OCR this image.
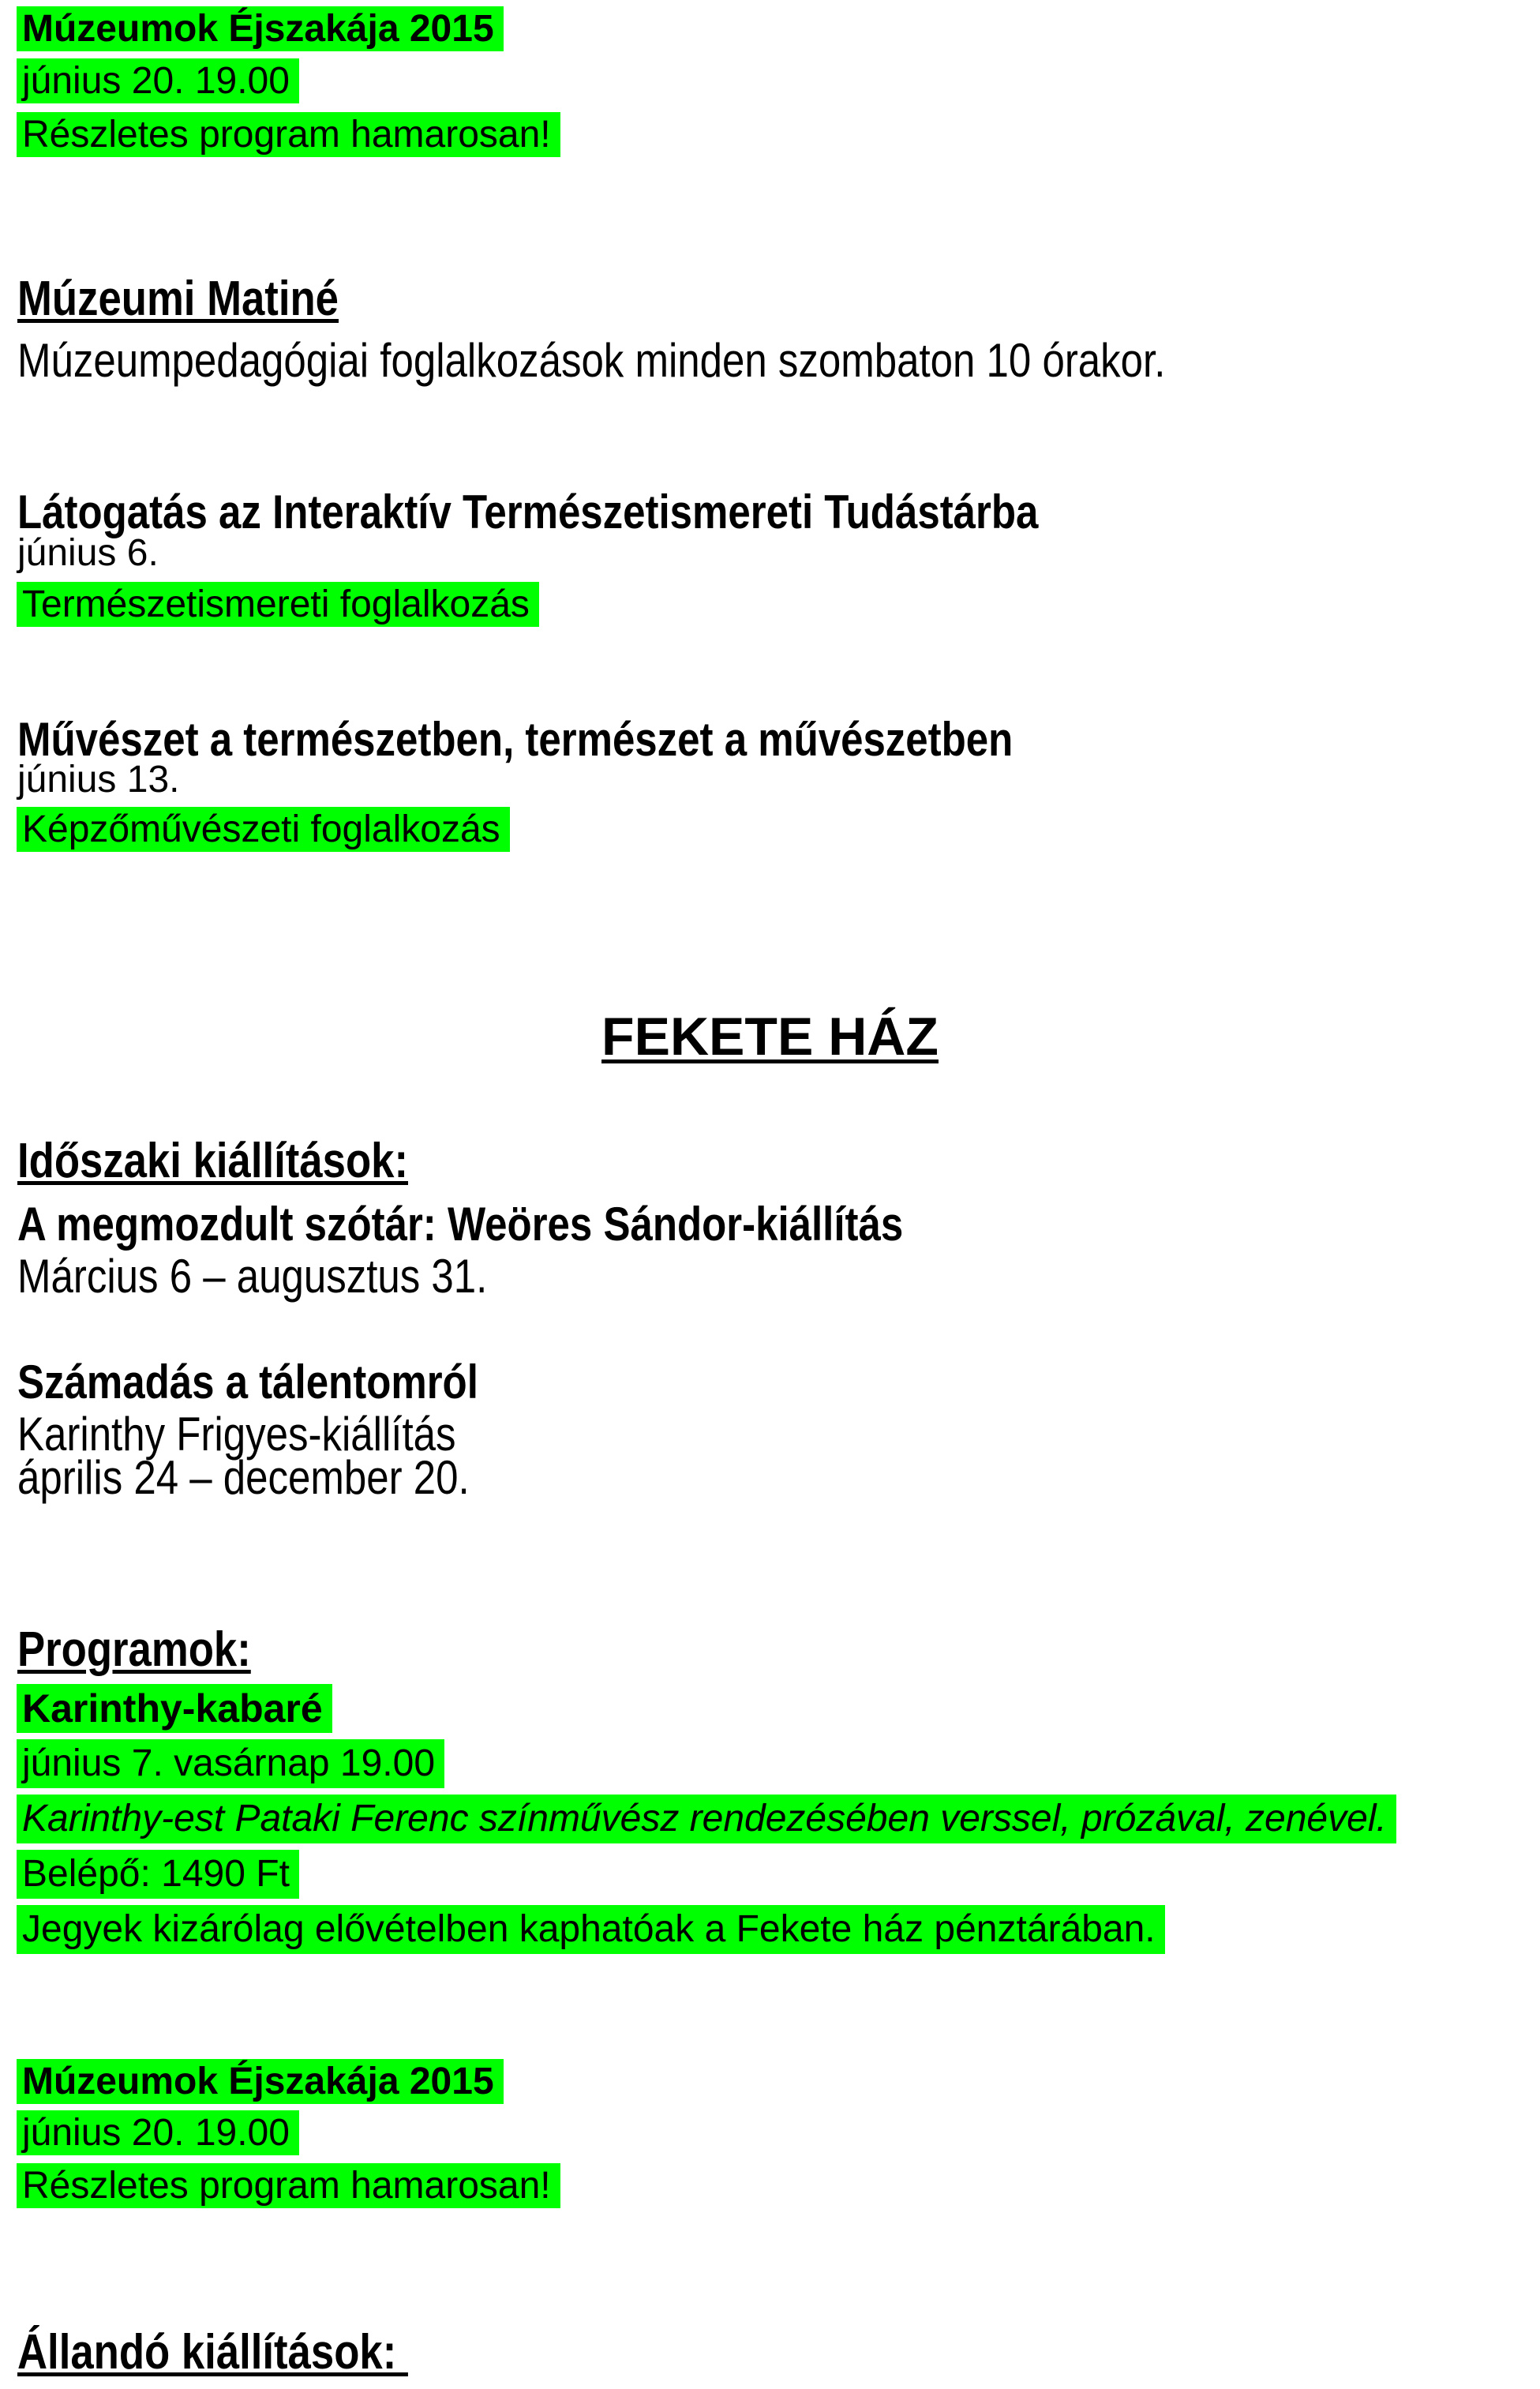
Múzeumok Éjszakája 2015
június 20. 19.00
Részletes program hamarosan!
Múzeumi Matiné
Múzeumpedagógiai foglalkozások minden szombaton 10 órakor.
Látogatás az Interaktív Természetismereti Tudástárba
június 6.
Természetismereti foglalkozás
Művészet a természetben, természet a művészetben
június 13.
Képzőművészeti foglalkozás
FEKETE HÁZ
Időszaki kiállítások:
A megmozdult szótár: Weöres Sándor-kiállítás
Március 6 – augusztus 31.
Számadás a tálentomról
Karinthy Frigyes-kiállítás
április 24 – december 20.
Programok:
Karinthy-kabaré
június 7. vasárnap 19.00
Karinthy-est Pataki Ferenc színművész rendezésében verssel, prózával, zenével.
Belépő: 1490 Ft
Jegyek kizárólag elővételben kaphatóak a Fekete ház pénztárában.
Múzeumok Éjszakája 2015
június 20. 19.00
Részletes program hamarosan!
Állandó kiállítások:
